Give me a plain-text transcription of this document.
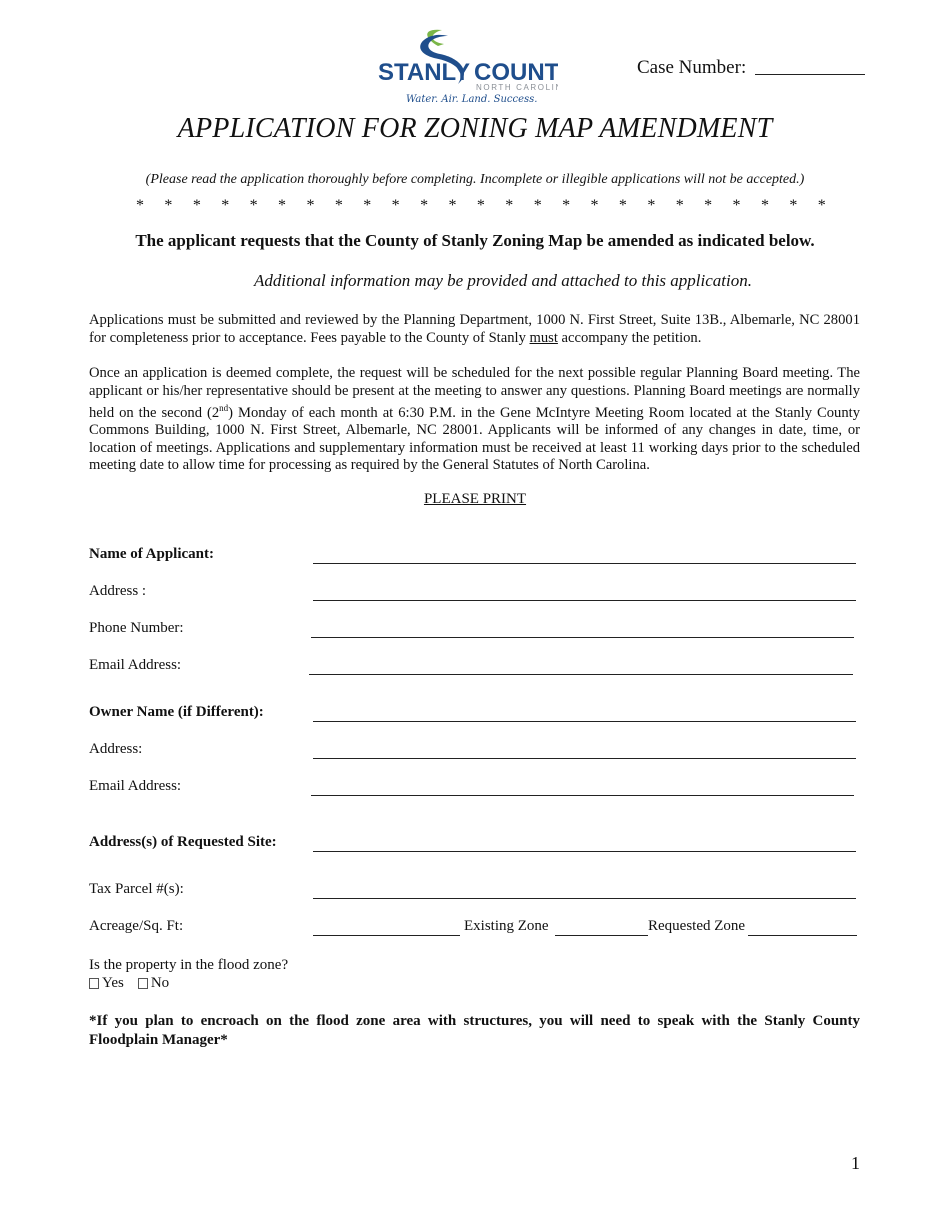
STANLY COUNT
NORTH CAROLI
Water. Air. Land. Success.
Case Number:
APPLICATION FOR ZONING MAP AMENDMENT
(Please read the application thoroughly before completing. Incomplete or illegible applications will not be accepted.)
* * * * * * * * * * * * * * * * * * * * * * * * *
The applicant requests that the County of Stanly Zoning Map be amended as indicated below.
Additional information may be provided and attached to this application.
Applications must be submitted and reviewed by the Planning Department, 1000 N. First Street, Suite 13B., Albemarle, NC 28001 for completeness prior to acceptance. Fees payable to the County of Stanly must accompany the petition.
Once an application is deemed complete, the request will be scheduled for the next possible regular Planning Board meeting. The applicant or his/her representative should be present at the meeting to answer any questions. Planning Board meetings are normally held on the second (2nd) Monday of each month at 6:30 P.M. in the Gene McIntyre Meeting Room located at the Stanly County Commons Building, 1000 N. First Street, Albemarle, NC 28001. Applicants will be informed of any changes in date, time, or location of meetings. Applications and supplementary information must be received at least 11 working days prior to the scheduled meeting date to allow time for processing as required by the General Statutes of North Carolina.
PLEASE PRINT
Name of Applicant:
Address :
Phone Number:
Email Address:
Owner Name (if Different):
Address:
Email Address:
Address(s) of Requested Site:
Tax Parcel #(s):
Acreage/Sq. Ft:	Existing Zone	Requested Zone
Is the property in the flood zone?
Yes No
*If you plan to encroach on the flood zone area with structures, you will need to speak with the Stanly County Floodplain Manager*
1
